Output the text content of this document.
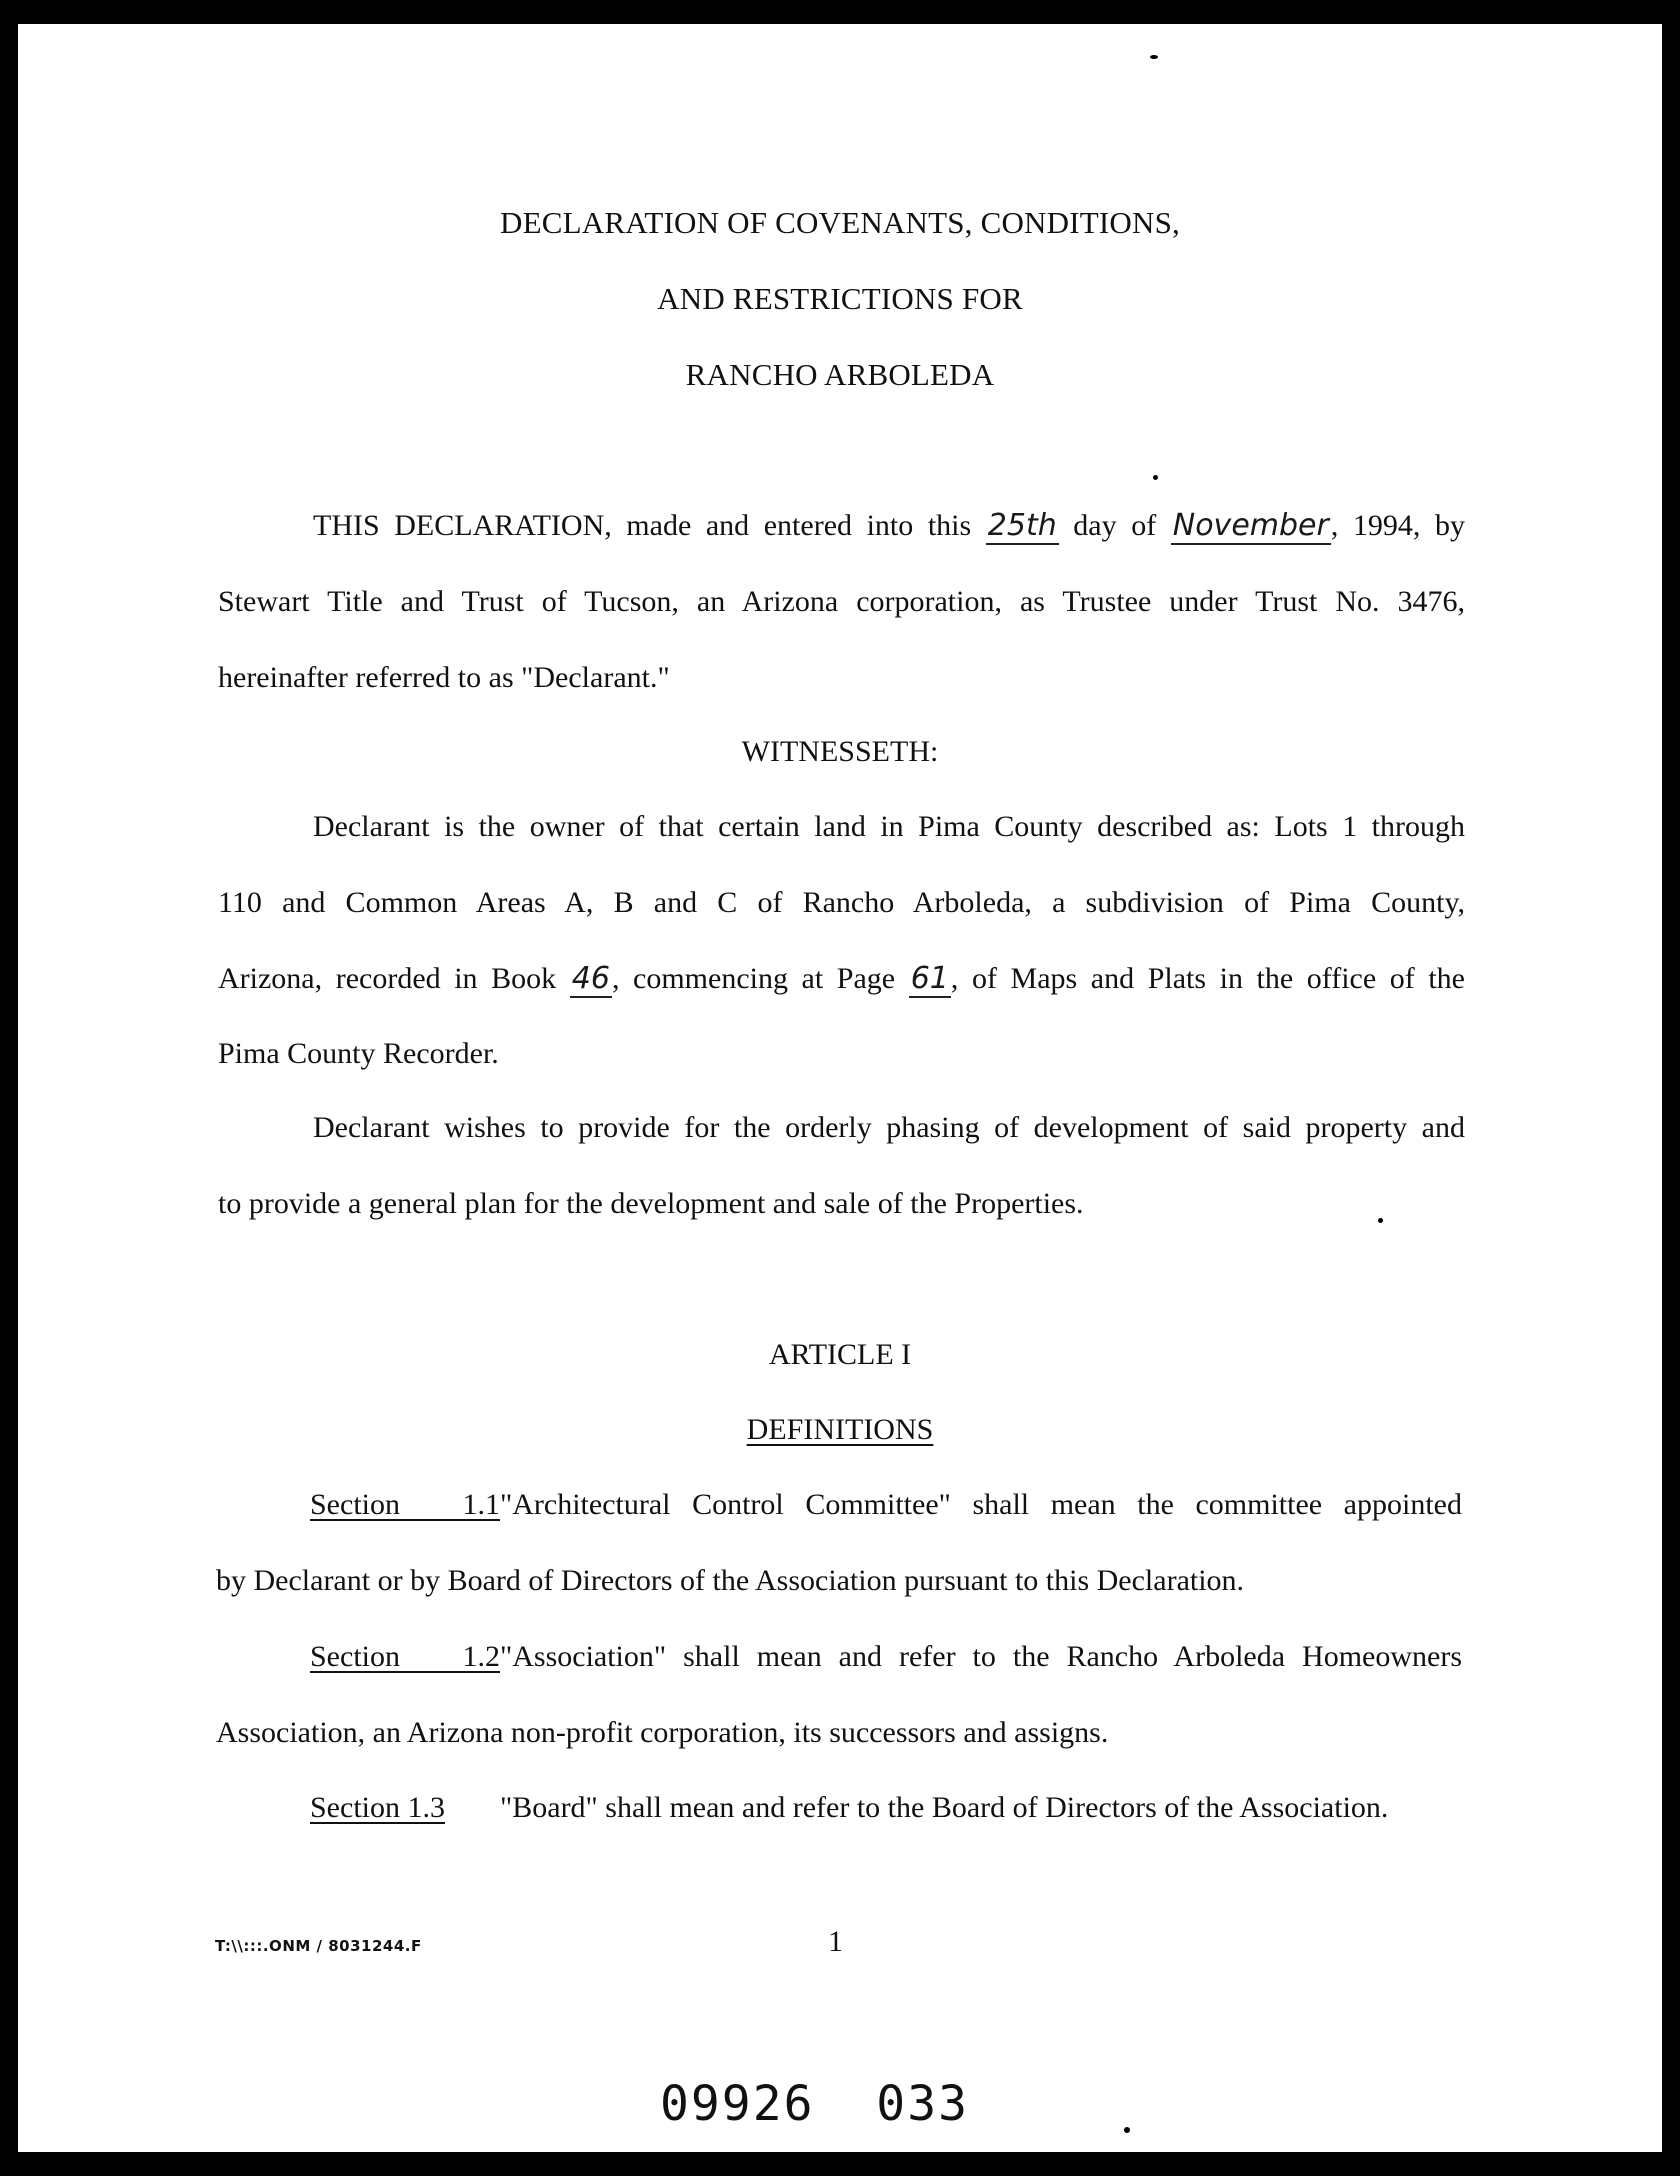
DECLARATION OF COVENANTS, CONDITIONS,
AND RESTRICTIONS FOR
RANCHO ARBOLEDA
THIS DECLARATION, made and entered into this 25th day of November, 1994, by
Stewart Title and Trust of Tucson, an Arizona corporation, as Trustee under Trust No. 3476,
hereinafter referred to as "Declarant."
WITNESSETH:
Declarant is the owner of that certain land in Pima County described as: Lots 1 through
110 and Common Areas A, B and C of Rancho Arboleda, a subdivision of Pima County,
Arizona, recorded in Book 46, commencing at Page 61, of Maps and Plats in the office of the
Pima County Recorder.
Declarant wishes to provide for the orderly phasing of development of said property and
to provide a general plan for the development and sale of the Properties.
ARTICLE I
DEFINITIONS
Section 1.1"Architectural Control Committee" shall mean the committee appointed
by Declarant or by Board of Directors of the Association pursuant to this Declaration.
Section 1.2"Association" shall mean and refer to the Rancho Arboleda Homeowners
Association, an Arizona non-profit corporation, its successors and assigns.
Section 1.3 "Board" shall mean and refer to the Board of Directors of the Association.
T:\\:::.ONM / 8031244.F	1
09926  033
